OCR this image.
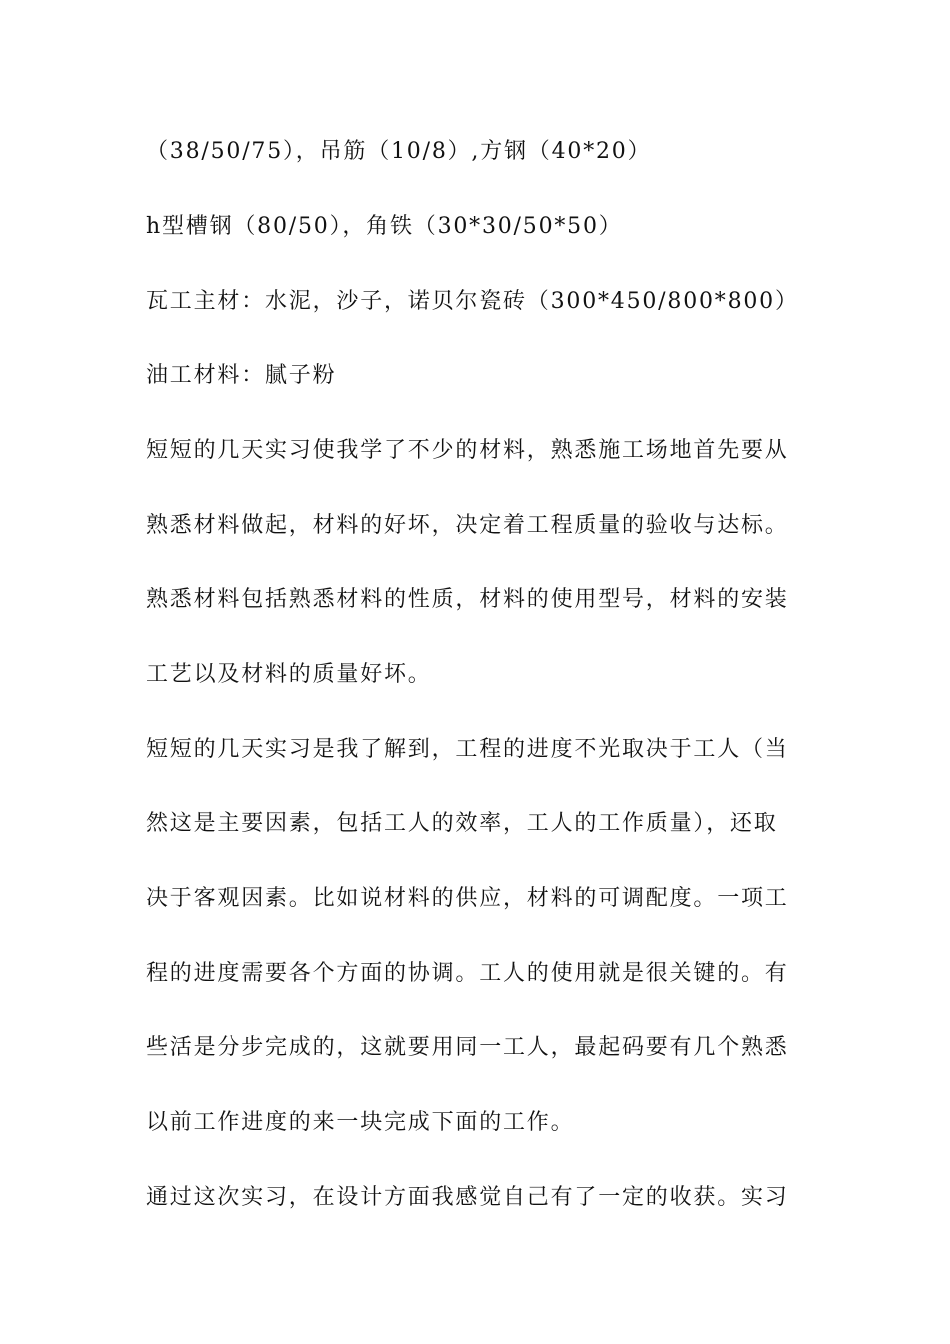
（38/50/75），吊筋（10/8）,方钢（40*20）
h型槽钢（80/50），角铁（30*30/50*50）
瓦工主材：水泥，沙子，诺贝尔瓷砖（300*450/800*800）
油工材料：腻子粉
短短的几天实习使我学了不少的材料，熟悉施工场地首先要从
熟悉材料做起，材料的好坏，决定着工程质量的验收与达标。
熟悉材料包括熟悉材料的性质，材料的使用型号，材料的安装
工艺以及材料的质量好坏。
短短的几天实习是我了解到，工程的进度不光取决于工人（当
然这是主要因素，包括工人的效率，工人的工作质量），还取
决于客观因素。比如说材料的供应，材料的可调配度。一项工
程的进度需要各个方面的协调。工人的使用就是很关键的。有
些活是分步完成的，这就要用同一工人，最起码要有几个熟悉
以前工作进度的来一块完成下面的工作。
通过这次实习，在设计方面我感觉自己有了一定的收获。实习
